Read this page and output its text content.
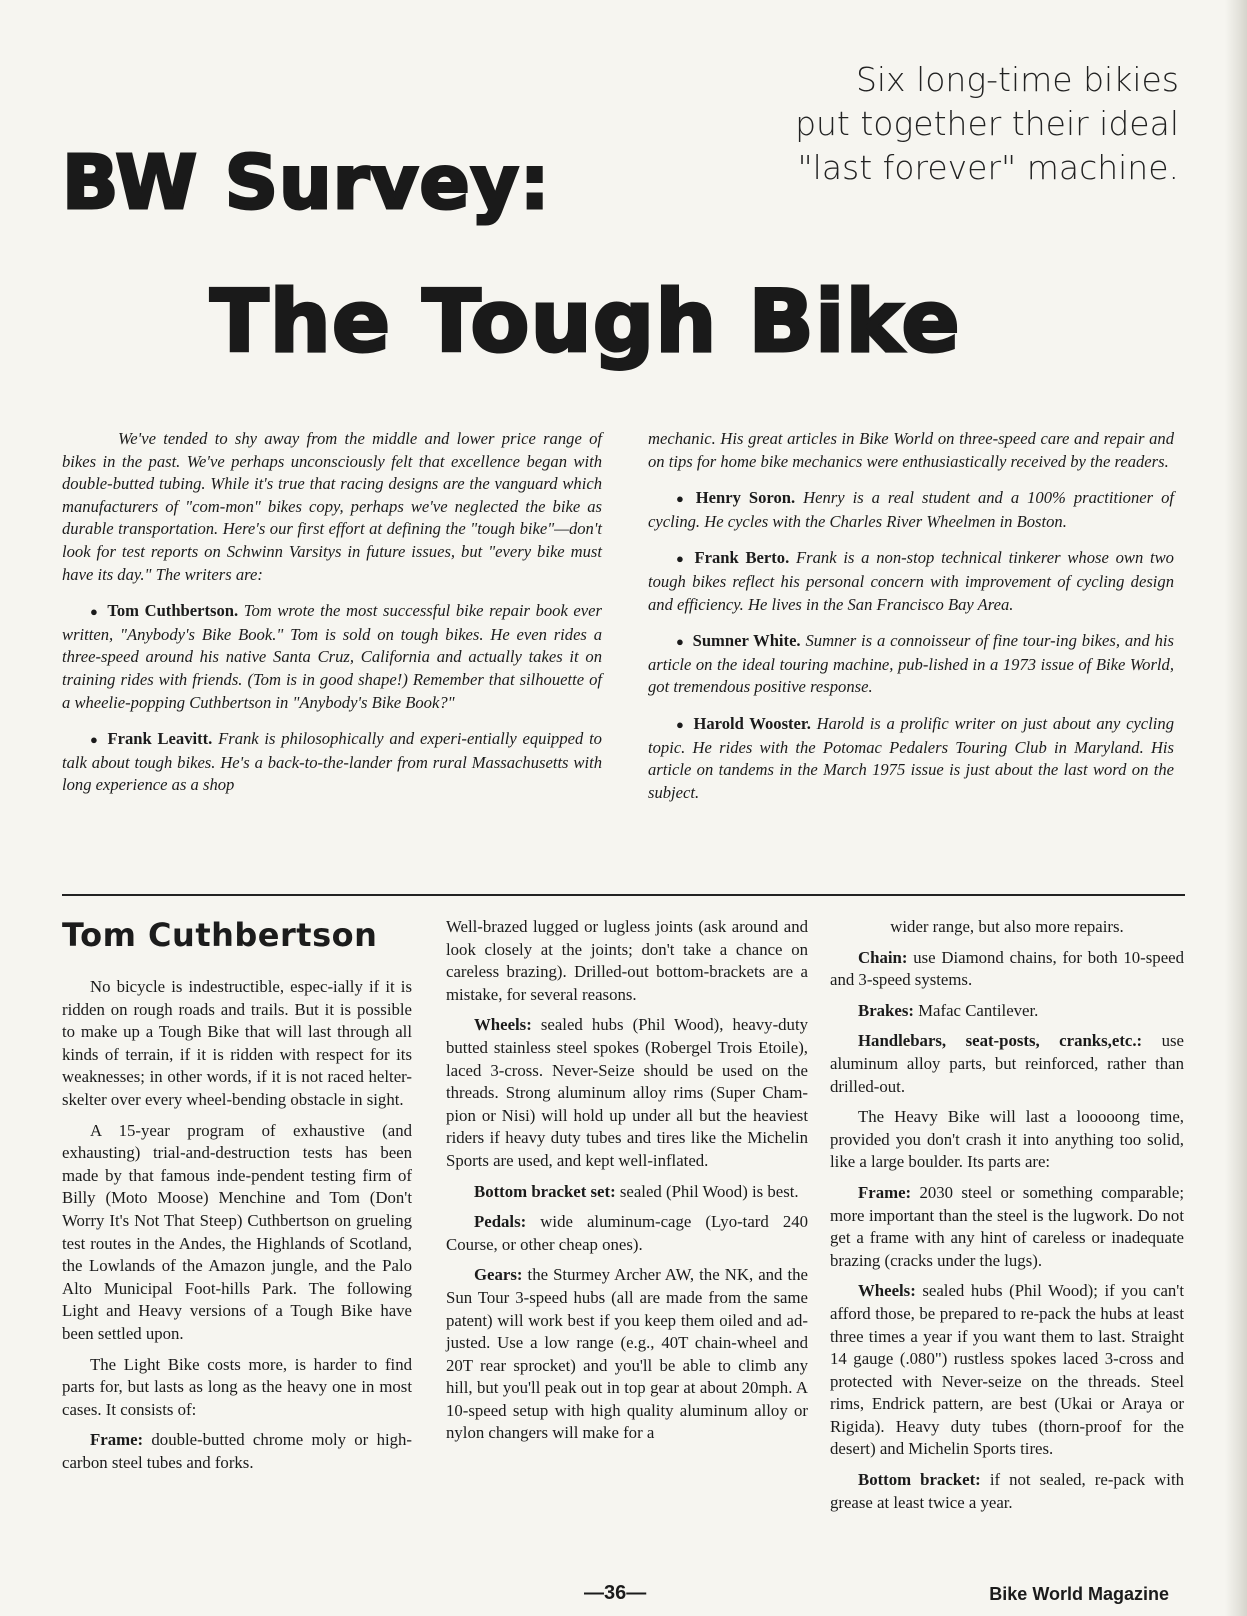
Six long-time bikies
put together their ideal
"last forever" machine.
BW Survey:
The Tough Bike

We've tended to shy away from the middle and lower price range of bikes in the past. We've perhaps unconsciously felt that excellence began with double-butted tubing. While it's true that racing designs are the vanguard which manufacturers of "com-mon" bikes copy, perhaps we've neglected the bike as durable transportation. Here's our first effort at defining the "tough bike"—don't look for test reports on Schwinn Varsitys in future issues, but "every bike must have its day." The writers are:

● Tom Cuthbertson. Tom wrote the most successful bike repair book ever written, "Anybody's Bike Book." Tom is sold on tough bikes. He even rides a three-speed around his native Santa Cruz, California and actually takes it on training rides with friends. (Tom is in good shape!) Remember that silhouette of a wheelie-popping Cuthbertson in "Anybody's Bike Book?"

● Frank Leavitt. Frank is philosophically and experi-entially equipped to talk about tough bikes. He's a back-to-the-lander from rural Massachusetts with long experience as a shop

mechanic. His great articles in Bike World on three-speed care and repair and on tips for home bike mechanics were enthusiastically received by the readers.

● Henry Soron. Henry is a real student and a 100% practitioner of cycling. He cycles with the Charles River Wheelmen in Boston.

● Frank Berto. Frank is a non-stop technical tinkerer whose own two tough bikes reflect his personal concern with improvement of cycling design and efficiency. He lives in the San Francisco Bay Area.

● Sumner White. Sumner is a connoisseur of fine tour-ing bikes, and his article on the ideal touring machine, pub-lished in a 1973 issue of Bike World, got tremendous positive response.

● Harold Wooster. Harold is a prolific writer on just about any cycling topic. He rides with the Potomac Pedalers Touring Club in Maryland. His article on tandems in the March 1975 issue is just about the last word on the subject.

Tom Cuthbertson

No bicycle is indestructible, espec-ially if it is ridden on rough roads and trails. But it is possible to make up a Tough Bike that will last through all kinds of terrain, if it is ridden with respect for its weaknesses; in other words, if it is not raced helter-skelter over every wheel-bending obstacle in sight.

A 15-year program of exhaustive (and exhausting) trial-and-destruction tests has been made by that famous inde-pendent testing firm of Billy (Moto Moose) Menchine and Tom (Don't Worry It's Not That Steep) Cuthbertson on grueling test routes in the Andes, the Highlands of Scotland, the Lowlands of the Amazon jungle, and the Palo Alto Municipal Foot-hills Park. The following Light and Heavy versions of a Tough Bike have been settled upon.

The Light Bike costs more, is harder to find parts for, but lasts as long as the heavy one in most cases. It consists of:

Frame: double-butted chrome moly or high-carbon steel tubes and forks.

Well-brazed lugged or lugless joints (ask around and look closely at the joints; don't take a chance on careless brazing). Drilled-out bottom-brackets are a mistake, for several reasons.

Wheels: sealed hubs (Phil Wood), heavy-duty butted stainless steel spokes (Robergel Trois Etoile), laced 3-cross. Never-Seize should be used on the threads. Strong aluminum alloy rims (Super Cham-pion or Nisi) will hold up under all but the heaviest riders if heavy duty tubes and tires like the Michelin Sports are used, and kept well-inflated.

Bottom bracket set: sealed (Phil Wood) is best.

Pedals: wide aluminum-cage (Lyo-tard 240 Course, or other cheap ones).

Gears: the Sturmey Archer AW, the NK, and the Sun Tour 3-speed hubs (all are made from the same patent) will work best if you keep them oiled and ad-justed. Use a low range (e.g., 40T chain-wheel and 20T rear sprocket) and you'll be able to climb any hill, but you'll peak out in top gear at about 20mph. A 10-speed setup with high quality aluminum alloy or nylon changers will make for a

wider range, but also more repairs.

Chain: use Diamond chains, for both 10-speed and 3-speed systems.

Brakes: Mafac Cantilever.

Handlebars, seat-posts, cranks,etc.: use aluminum alloy parts, but reinforced, rather than drilled-out.

The Heavy Bike will last a looooong time, provided you don't crash it into anything too solid, like a large boulder. Its parts are:

Frame: 2030 steel or something comparable; more important than the steel is the lugwork. Do not get a frame with any hint of careless or inadequate brazing (cracks under the lugs).

Wheels: sealed hubs (Phil Wood); if you can't afford those, be prepared to re-pack the hubs at least three times a year if you want them to last. Straight 14 gauge (.080") rustless spokes laced 3-cross and protected with Never-seize on the threads. Steel rims, Endrick pattern, are best (Ukai or Araya or Rigida). Heavy duty tubes (thorn-proof for the desert) and Michelin Sports tires.

Bottom bracket: if not sealed, re-pack with grease at least twice a year.

—36—	Bike World Magazine
